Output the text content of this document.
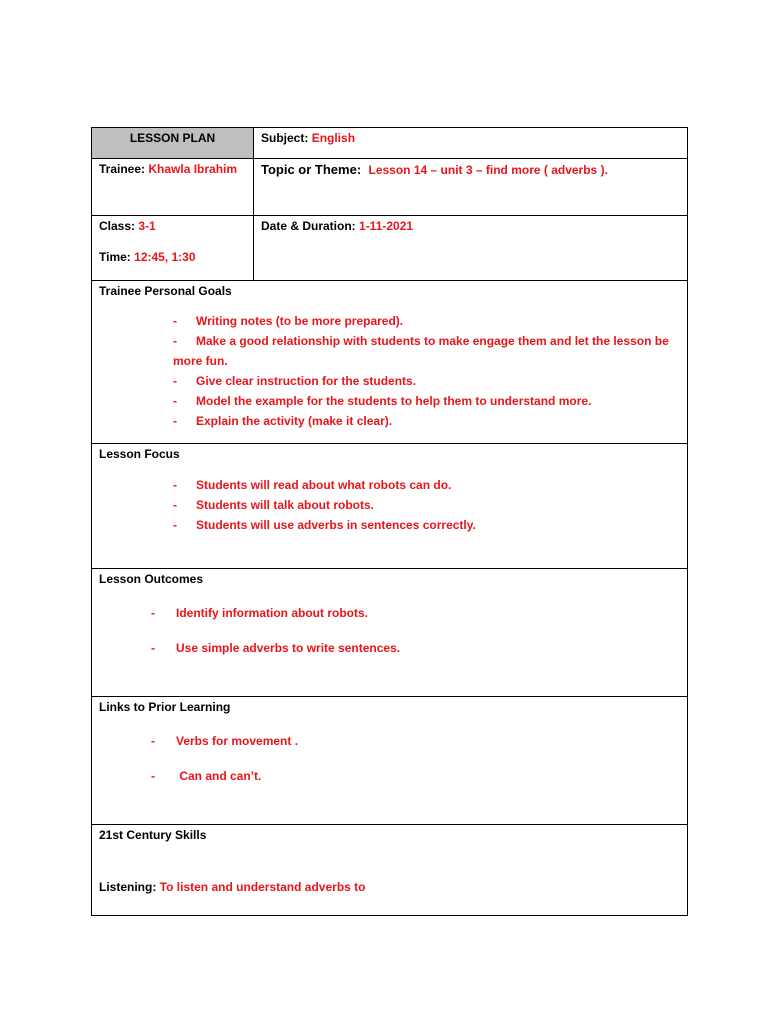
LESSON PLAN	Subject: English
Trainee: Khawla Ibrahim	Topic or Theme: Lesson 14 – unit 3 – find more ( adverbs ).
Class: 3-1
Time: 12:45, 1:30
Date & Duration: 1-11-2021
Trainee Personal Goals
- Writing notes (to be more prepared).
- Make a good relationship with students to make engage them and let the lesson be more fun.
- Give clear instruction for the students.
- Model the example for the students to help them to understand more.
- Explain the activity (make it clear).
Lesson Focus
- Students will read about what robots can do.
- Students will talk about robots.
- Students will use adverbs in sentences correctly.
Lesson Outcomes
- Identify information about robots.
- Use simple adverbs to write sentences.
Links to Prior Learning
- Verbs for movement .
- Can and can’t.
21st Century Skills
Listening: To listen and understand adverbs to
